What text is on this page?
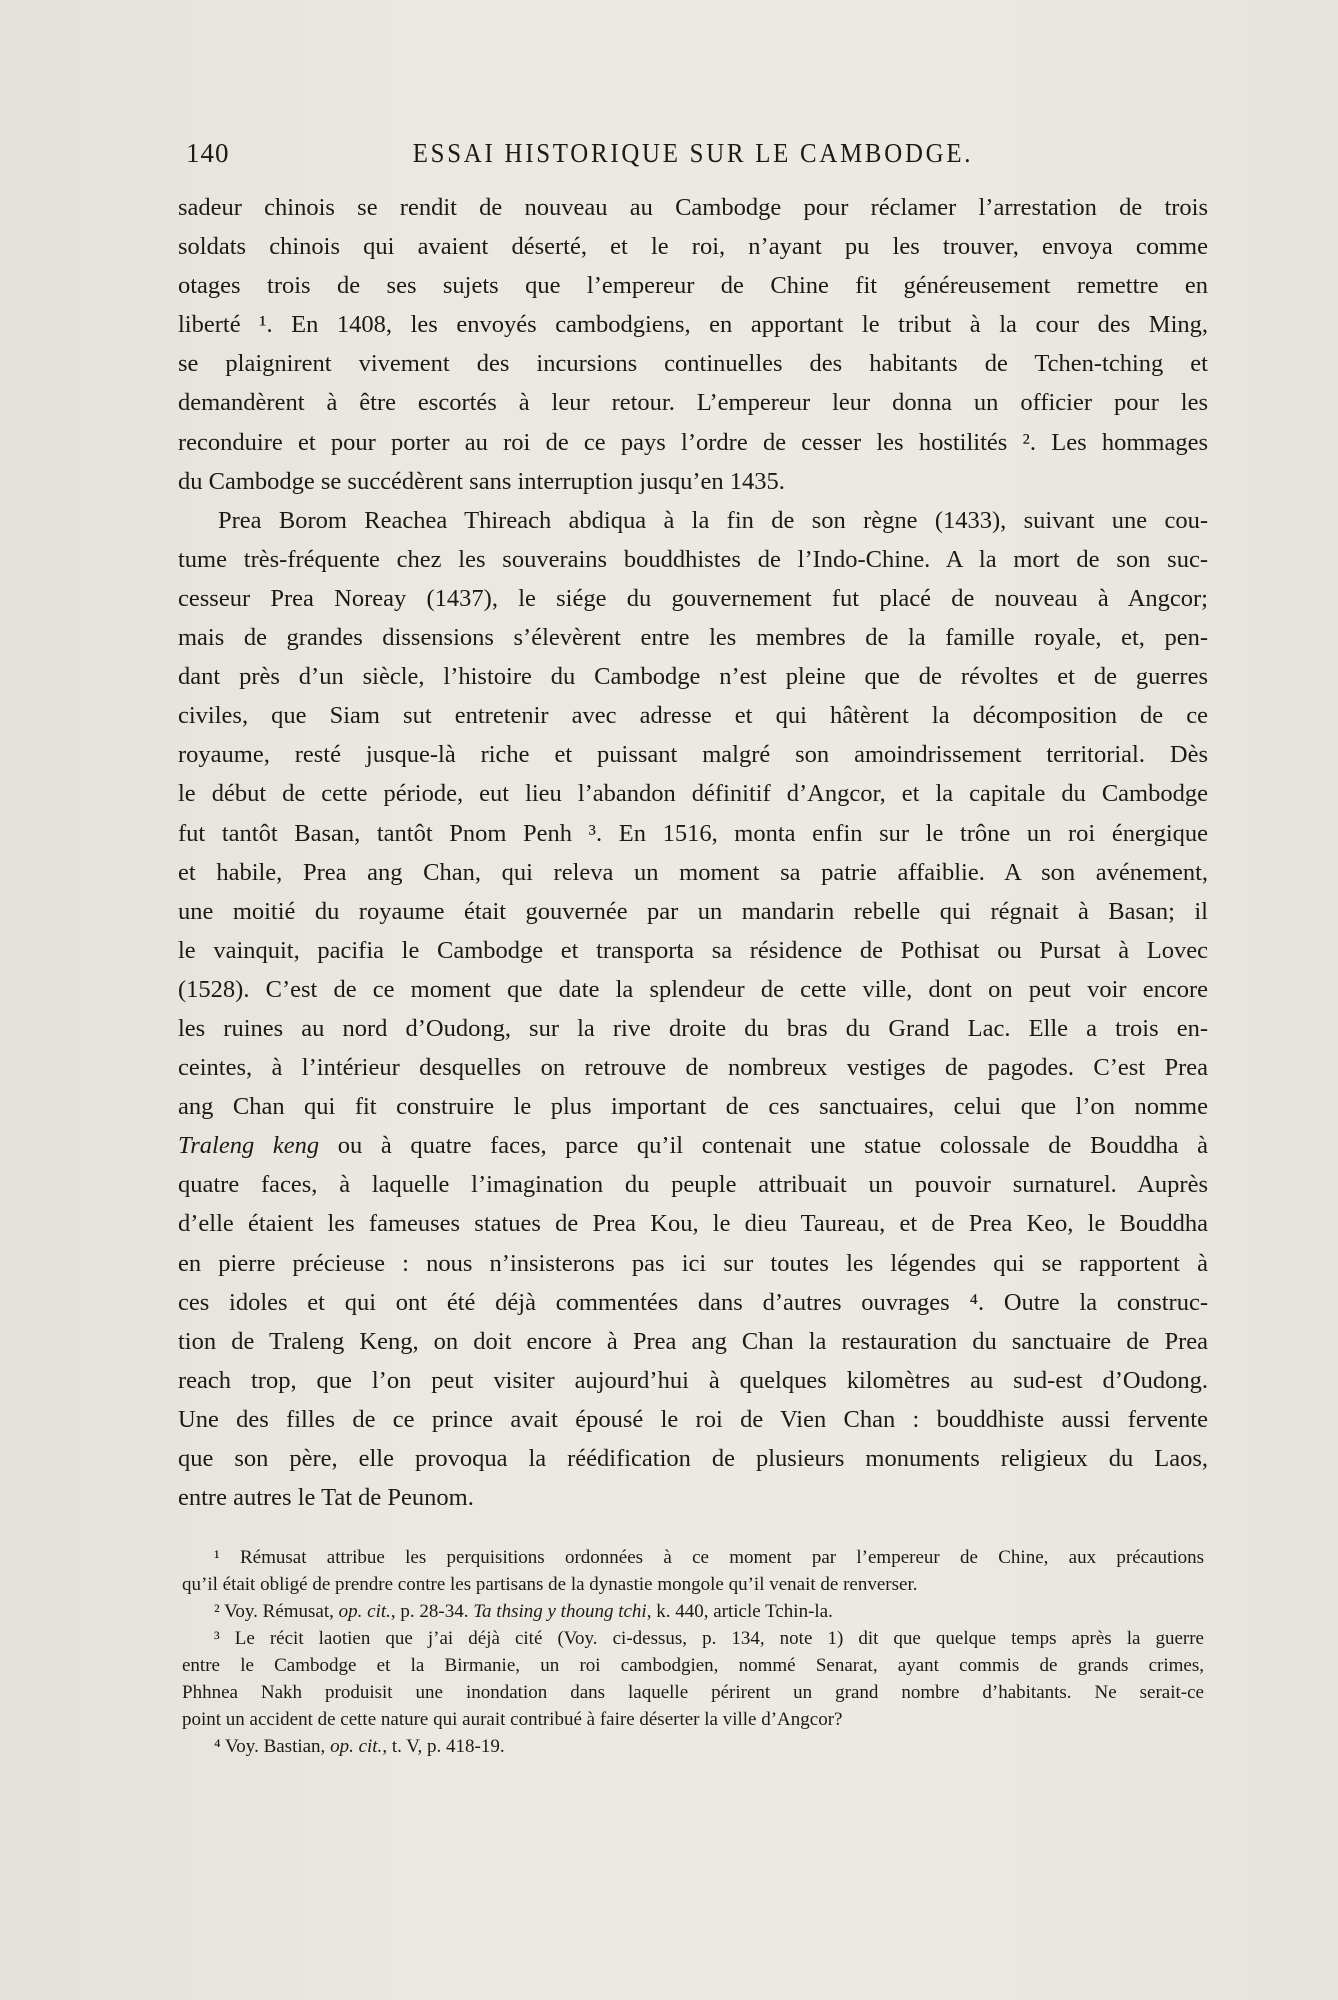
140	ESSAI HISTORIQUE SUR LE CAMBODGE.
sadeur chinois se rendit de nouveau au Cambodge pour réclamer l’arrestation de trois
soldats chinois qui avaient déserté, et le roi, n’ayant pu les trouver, envoya comme
otages trois de ses sujets que l’empereur de Chine fit généreusement remettre en
liberté ¹. En 1408, les envoyés cambodgiens, en apportant le tribut à la cour des Ming,
se plaignirent vivement des incursions continuelles des habitants de Tchen-tching et
demandèrent à être escortés à leur retour. L’empereur leur donna un officier pour les
reconduire et pour porter au roi de ce pays l’ordre de cesser les hostilités ². Les hommages
du Cambodge se succédèrent sans interruption jusqu’en 1435.
Prea Borom Reachea Thireach abdiqua à la fin de son règne (1433), suivant une cou-
tume très-fréquente chez les souverains bouddhistes de l’Indo-Chine. A la mort de son suc-
cesseur Prea Noreay (1437), le siége du gouvernement fut placé de nouveau à Angcor;
mais de grandes dissensions s’élevèrent entre les membres de la famille royale, et, pen-
dant près d’un siècle, l’histoire du Cambodge n’est pleine que de révoltes et de guerres
civiles, que Siam sut entretenir avec adresse et qui hâtèrent la décomposition de ce
royaume, resté jusque-là riche et puissant malgré son amoindrissement territorial. Dès
le début de cette période, eut lieu l’abandon définitif d’Angcor, et la capitale du Cambodge
fut tantôt Basan, tantôt Pnom Penh ³. En 1516, monta enfin sur le trône un roi énergique
et habile, Prea ang Chan, qui releva un moment sa patrie affaiblie. A son avénement,
une moitié du royaume était gouvernée par un mandarin rebelle qui régnait à Basan; il
le vainquit, pacifia le Cambodge et transporta sa résidence de Pothisat ou Pursat à Lovec
(1528). C’est de ce moment que date la splendeur de cette ville, dont on peut voir encore
les ruines au nord d’Oudong, sur la rive droite du bras du Grand Lac. Elle a trois en-
ceintes, à l’intérieur desquelles on retrouve de nombreux vestiges de pagodes. C’est Prea
ang Chan qui fit construire le plus important de ces sanctuaires, celui que l’on nomme
Traleng keng ou à quatre faces, parce qu’il contenait une statue colossale de Bouddha à
quatre faces, à laquelle l’imagination du peuple attribuait un pouvoir surnaturel. Auprès
d’elle étaient les fameuses statues de Prea Kou, le dieu Taureau, et de Prea Keo, le Bouddha
en pierre précieuse : nous n’insisterons pas ici sur toutes les légendes qui se rapportent à
ces idoles et qui ont été déjà commentées dans d’autres ouvrages ⁴. Outre la construc-
tion de Traleng Keng, on doit encore à Prea ang Chan la restauration du sanctuaire de Prea
reach trop, que l’on peut visiter aujourd’hui à quelques kilomètres au sud-est d’Oudong.
Une des filles de ce prince avait épousé le roi de Vien Chan : bouddhiste aussi fervente
que son père, elle provoqua la réédification de plusieurs monuments religieux du Laos,
entre autres le Tat de Peunom.
¹ Rémusat attribue les perquisitions ordonnées à ce moment par l’empereur de Chine, aux précautions
qu’il était obligé de prendre contre les partisans de la dynastie mongole qu’il venait de renverser.
² Voy. Rémusat, op. cit., p. 28-34. Ta thsing y thoung tchi, k. 440, article Tchin-la.
³ Le récit laotien que j’ai déjà cité (Voy. ci-dessus, p. 134, note 1) dit que quelque temps après la guerre
entre le Cambodge et la Birmanie, un roi cambodgien, nommé Senarat, ayant commis de grands crimes,
Phhnea Nakh produisit une inondation dans laquelle périrent un grand nombre d’habitants. Ne serait-ce
point un accident de cette nature qui aurait contribué à faire déserter la ville d’Angcor?
⁴ Voy. Bastian, op. cit., t. V, p. 418-19.
